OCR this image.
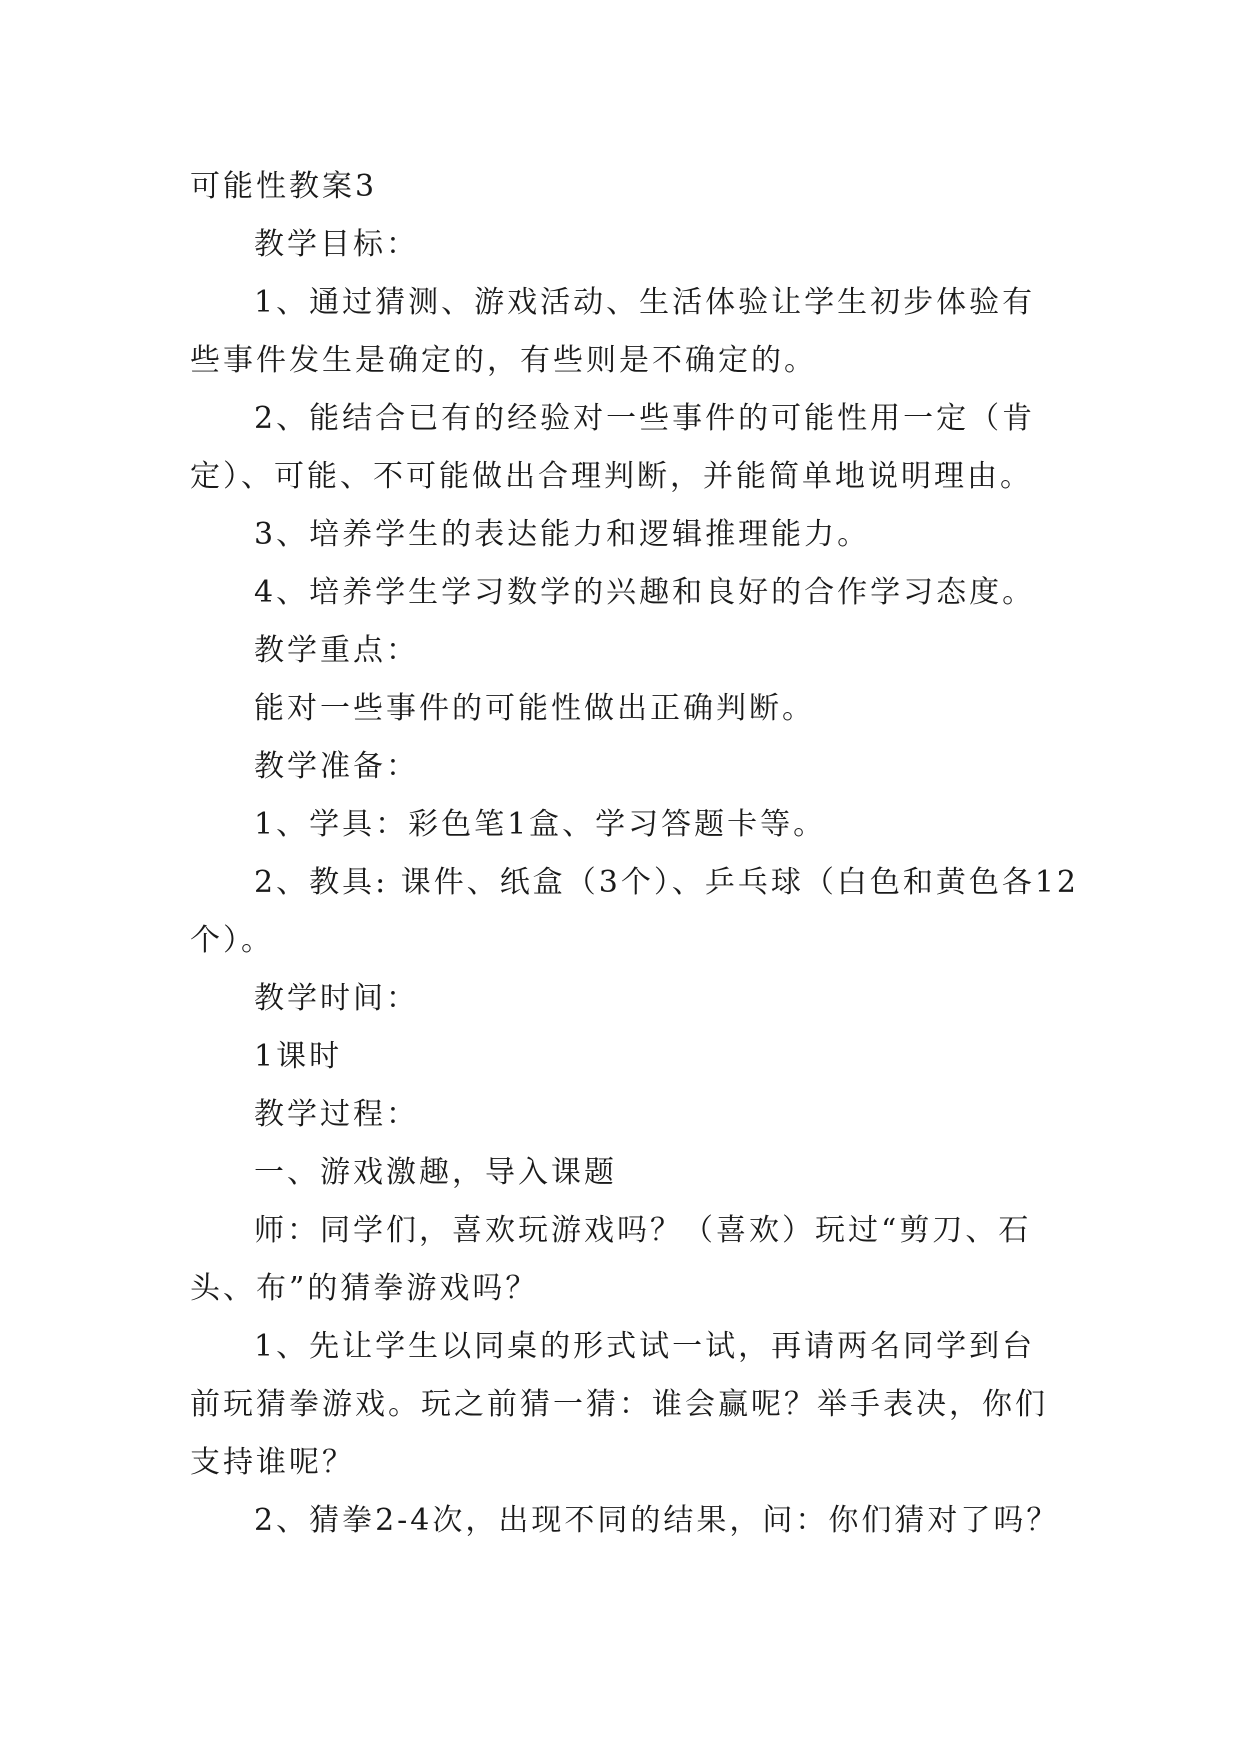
可能性教案3

教学目标：

1、通过猜测、游戏活动、生活体验让学生初步体验有

些事件发生是确定的，有些则是不确定的。

2、能结合已有的经验对一些事件的可能性用一定（肯

定）、可能、不可能做出合理判断，并能简单地说明理由。

3、培养学生的表达能力和逻辑推理能力。

4、培养学生学习数学的兴趣和良好的合作学习态度。

教学重点：

能对一些事件的可能性做出正确判断。

教学准备：

1、学具：彩色笔1盒、学习答题卡等。

2、教具: 课件、纸盒（3个）、乒乓球（白色和黄色各12

个）。

教学时间：

1课时

教学过程：

一、游戏激趣，导入课题

师：同学们，喜欢玩游戏吗？（喜欢）玩过“剪刀、石

头、布”的猜拳游戏吗？

1、先让学生以同桌的形式试一试，再请两名同学到台

前玩猜拳游戏。玩之前猜一猜：谁会赢呢？举手表决，你们

支持谁呢？

2、猜拳2-4次，出现不同的结果，问：你们猜对了吗？
